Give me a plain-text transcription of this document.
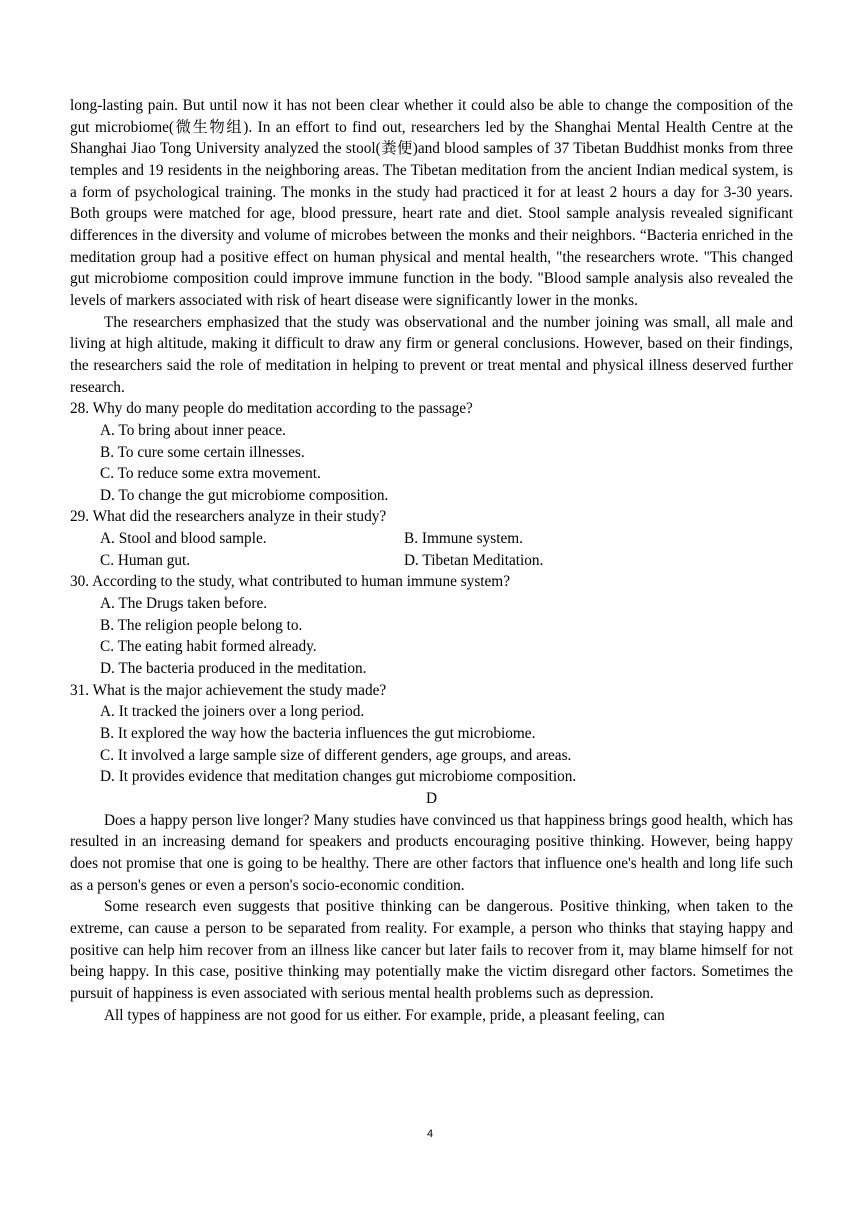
long-lasting pain. But until now it has not been clear whether it could also be able to change the composition of the gut microbiome(微生物组). In an effort to find out, researchers led by the Shanghai Mental Health Centre at the Shanghai Jiao Tong University analyzed the stool(粪便)and blood samples of 37 Tibetan Buddhist monks from three temples and 19 residents in the neighboring areas. The Tibetan meditation from the ancient Indian medical system, is a form of psychological training. The monks in the study had practiced it for at least 2 hours a day for 3-30 years. Both groups were matched for age, blood pressure, heart rate and diet. Stool sample analysis revealed significant differences in the diversity and volume of microbes between the monks and their neighbors. “Bacteria enriched in the meditation group had a positive effect on human physical and mental health, "the researchers wrote. "This changed gut microbiome composition could improve immune function in the body. "Blood sample analysis also revealed the levels of markers associated with risk of heart disease were significantly lower in the monks.

The researchers emphasized that the study was observational and the number joining was small, all male and living at high altitude, making it difficult to draw any firm or general conclusions. However, based on their findings, the researchers said the role of meditation in helping to prevent or treat mental and physical illness deserved further research.

28. Why do many people do meditation according to the passage?

A. To bring about inner peace.

B. To cure some certain illnesses.

C. To reduce some extra movement.

D. To change the gut microbiome composition.

29. What did the researchers analyze in their study?

A. Stool and blood sample.	B. Immune system.
C. Human gut.	D. Tibetan Meditation.

30. According to the study, what contributed to human immune system?

A. The Drugs taken before.

B. The religion people belong to.

C. The eating habit formed already.

D. The bacteria produced in the meditation.

31. What is the major achievement the study made?

A. It tracked the joiners over a long period.

B. It explored the way how the bacteria influences the gut microbiome.

C. It involved a large sample size of different genders, age groups, and areas.

D. It provides evidence that meditation changes gut microbiome composition.

D

Does a happy person live longer? Many studies have convinced us that happiness brings good health, which has resulted in an increasing demand for speakers and products encouraging positive thinking. However, being happy does not promise that one is going to be healthy. There are other factors that influence one's health and long life such as a person's genes or even a person's socio-economic condition.

Some research even suggests that positive thinking can be dangerous. Positive thinking, when taken to the extreme, can cause a person to be separated from reality. For example, a person who thinks that staying happy and positive can help him recover from an illness like cancer but later fails to recover from it, may blame himself for not being happy. In this case, positive thinking may potentially make the victim disregard other factors. Sometimes the pursuit of happiness is even associated with serious mental health problems such as depression.

All types of happiness are not good for us either. For example, pride, a pleasant feeling, can

4
